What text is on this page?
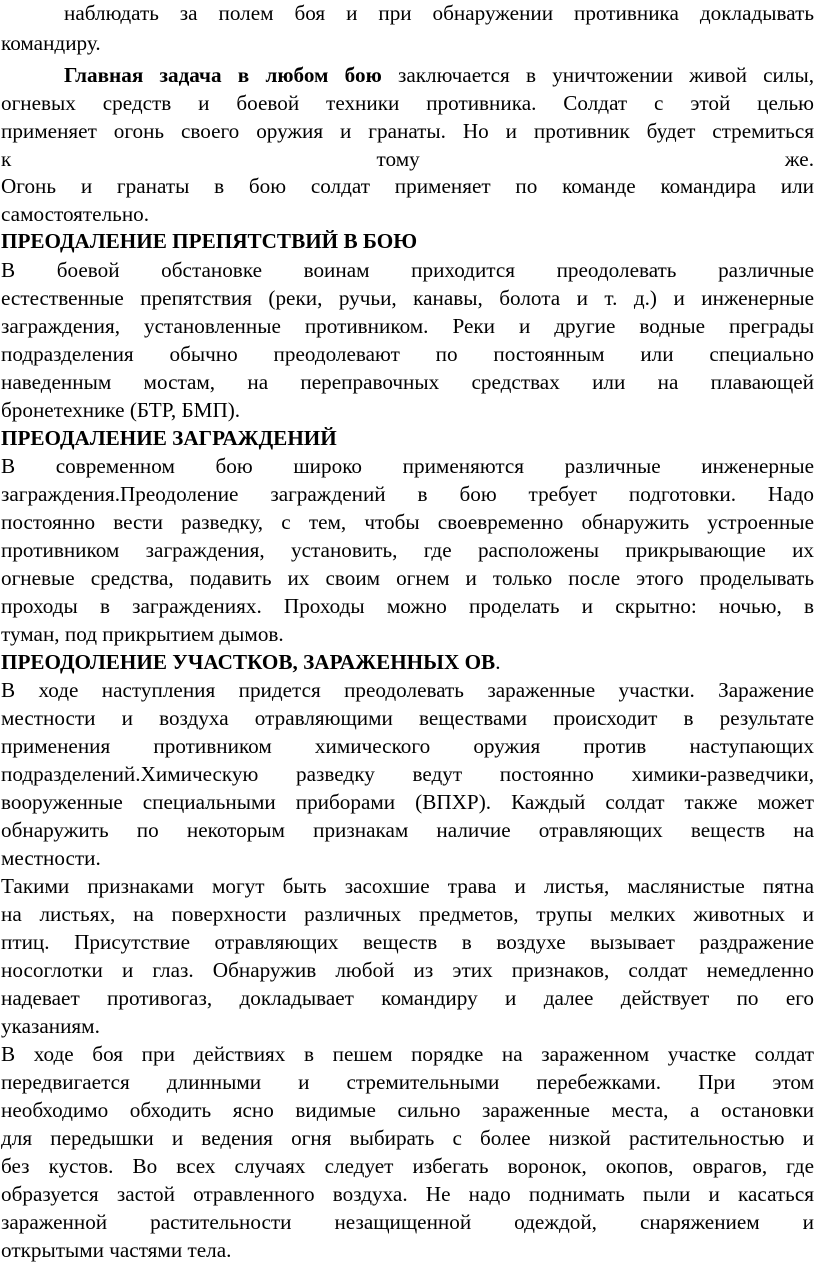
наблюдать за полем боя и при обнаружении противника докладывать
командиру.
Главная задача в любом бою заключается в уничтожении живой силы,
огневых средств и боевой техники противника. Солдат с этой целью
применяет огонь своего оружия и гранаты. Но и противник будет стремиться
к тому же.
Огонь и гранаты в бою солдат применяет по команде командира или
самостоятельно.
ПРЕОДАЛЕНИЕ ПРЕПЯТСТВИЙ В БОЮ
В боевой обстановке воинам приходится преодолевать различные
естественные препятствия (реки, ручьи, канавы, болота и т. д.) и инженерные
заграждения, установленные противником. Реки и другие водные преграды
подразделения обычно преодолевают по постоянным или специально
наведенным мостам, на переправочных средствах или на плавающей
бронетехнике (БТР, БМП).
ПРЕОДАЛЕНИЕ ЗАГРАЖДЕНИЙ
В современном бою широко применяются различные инженерные
заграждения.Преодоление заграждений в бою требует подготовки. Надо
постоянно вести разведку, с тем, чтобы своевременно обнаружить устроенные
противником заграждения, установить, где расположены прикрывающие их
огневые средства, подавить их своим огнем и только после этого проделывать
проходы в заграждениях. Проходы можно проделать и скрытно: ночью, в
туман, под прикрытием дымов.
ПРЕОДОЛЕНИЕ УЧАСТКОВ, ЗАРАЖЕННЫХ ОВ.
В ходе наступления придется преодолевать зараженные участки. Заражение
местности и воздуха отравляющими веществами происходит в результате
применения противником химического оружия против наступающих
подразделений.Химическую разведку ведут постоянно химики-разведчики,
вооруженные специальными приборами (ВПХР). Каждый солдат также может
обнаружить по некоторым признакам наличие отравляющих веществ на
местности.
Такими признаками могут быть засохшие трава и листья, маслянистые пятна
на листьях, на поверхности различных предметов, трупы мелких животных и
птиц. Присутствие отравляющих веществ в воздухе вызывает раздражение
носоглотки и глаз. Обнаружив любой из этих признаков, солдат немедленно
надевает противогаз, докладывает командиру и далее действует по его
указаниям.
В ходе боя при действиях в пешем порядке на зараженном участке солдат
передвигается длинными и стремительными перебежками. При этом
необходимо обходить ясно видимые сильно зараженные места, а остановки
для передышки и ведения огня выбирать с более низкой растительностью и
без кустов. Во всех случаях следует избегать воронок, окопов, оврагов, где
образуется застой отравленного воздуха. Не надо поднимать пыли и касаться
зараженной растительности незащищенной одеждой, снаряжением и
открытыми частями тела.
